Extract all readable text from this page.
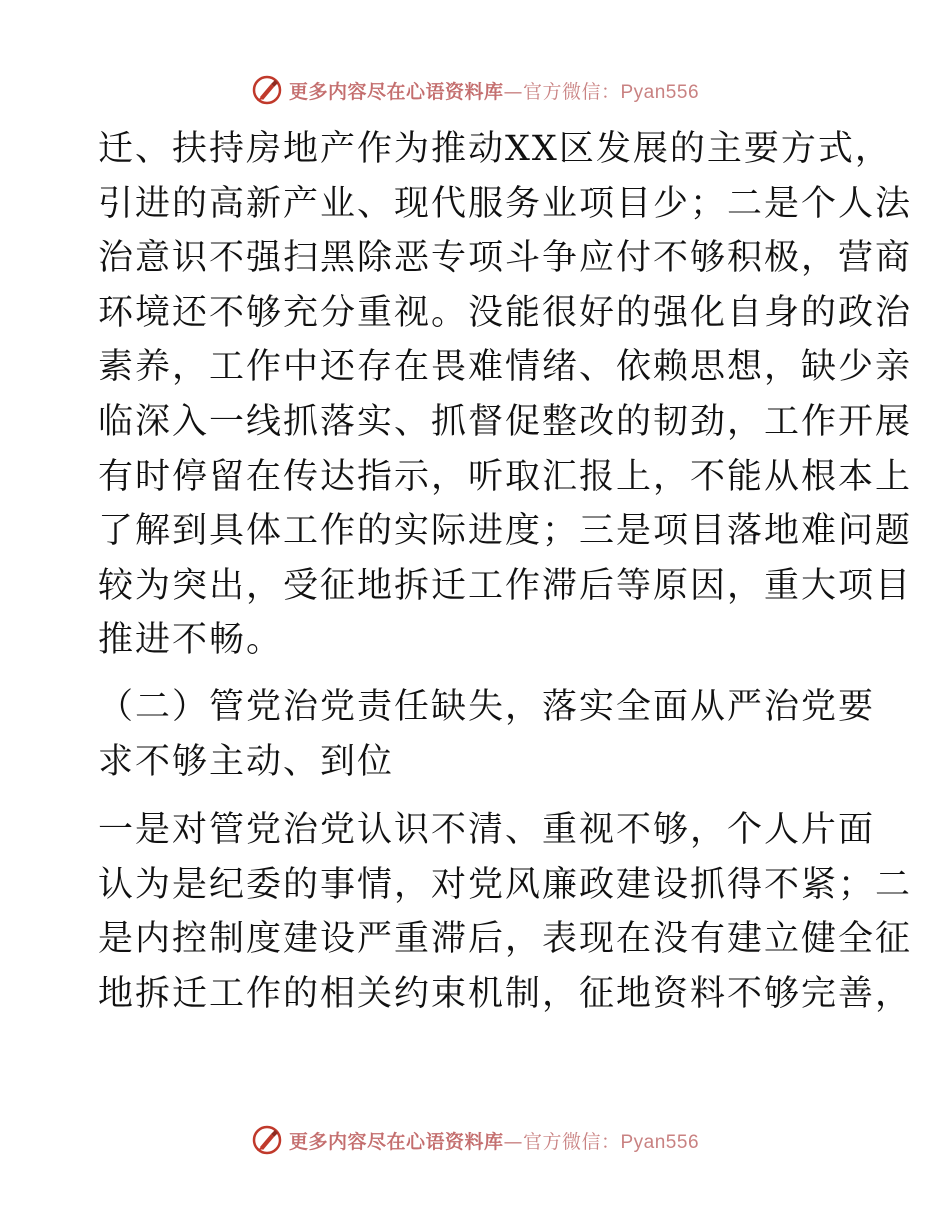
更多内容尽在心语资料库—官方微信：Pyan556

迁、扶持房地产作为推动XX区发展的主要方式，
引进的高新产业、现代服务业项目少；二是个人法
治意识不强扫黑除恶专项斗争应付不够积极，营商
环境还不够充分重视。没能很好的强化自身的政治
素养，工作中还存在畏难情绪、依赖思想，缺少亲
临深入一线抓落实、抓督促整改的韧劲，工作开展
有时停留在传达指示，听取汇报上，不能从根本上
了解到具体工作的实际进度；三是项目落地难问题
较为突出，受征地拆迁工作滞后等原因，重大项目
推进不畅。

（二）管党治党责任缺失，落实全面从严治党要
求不够主动、到位

一是对管党治党认识不清、重视不够，个人片面
认为是纪委的事情，对党风廉政建设抓得不紧；二
是内控制度建设严重滞后，表现在没有建立健全征
地拆迁工作的相关约束机制，征地资料不够完善，

更多内容尽在心语资料库—官方微信：Pyan556
